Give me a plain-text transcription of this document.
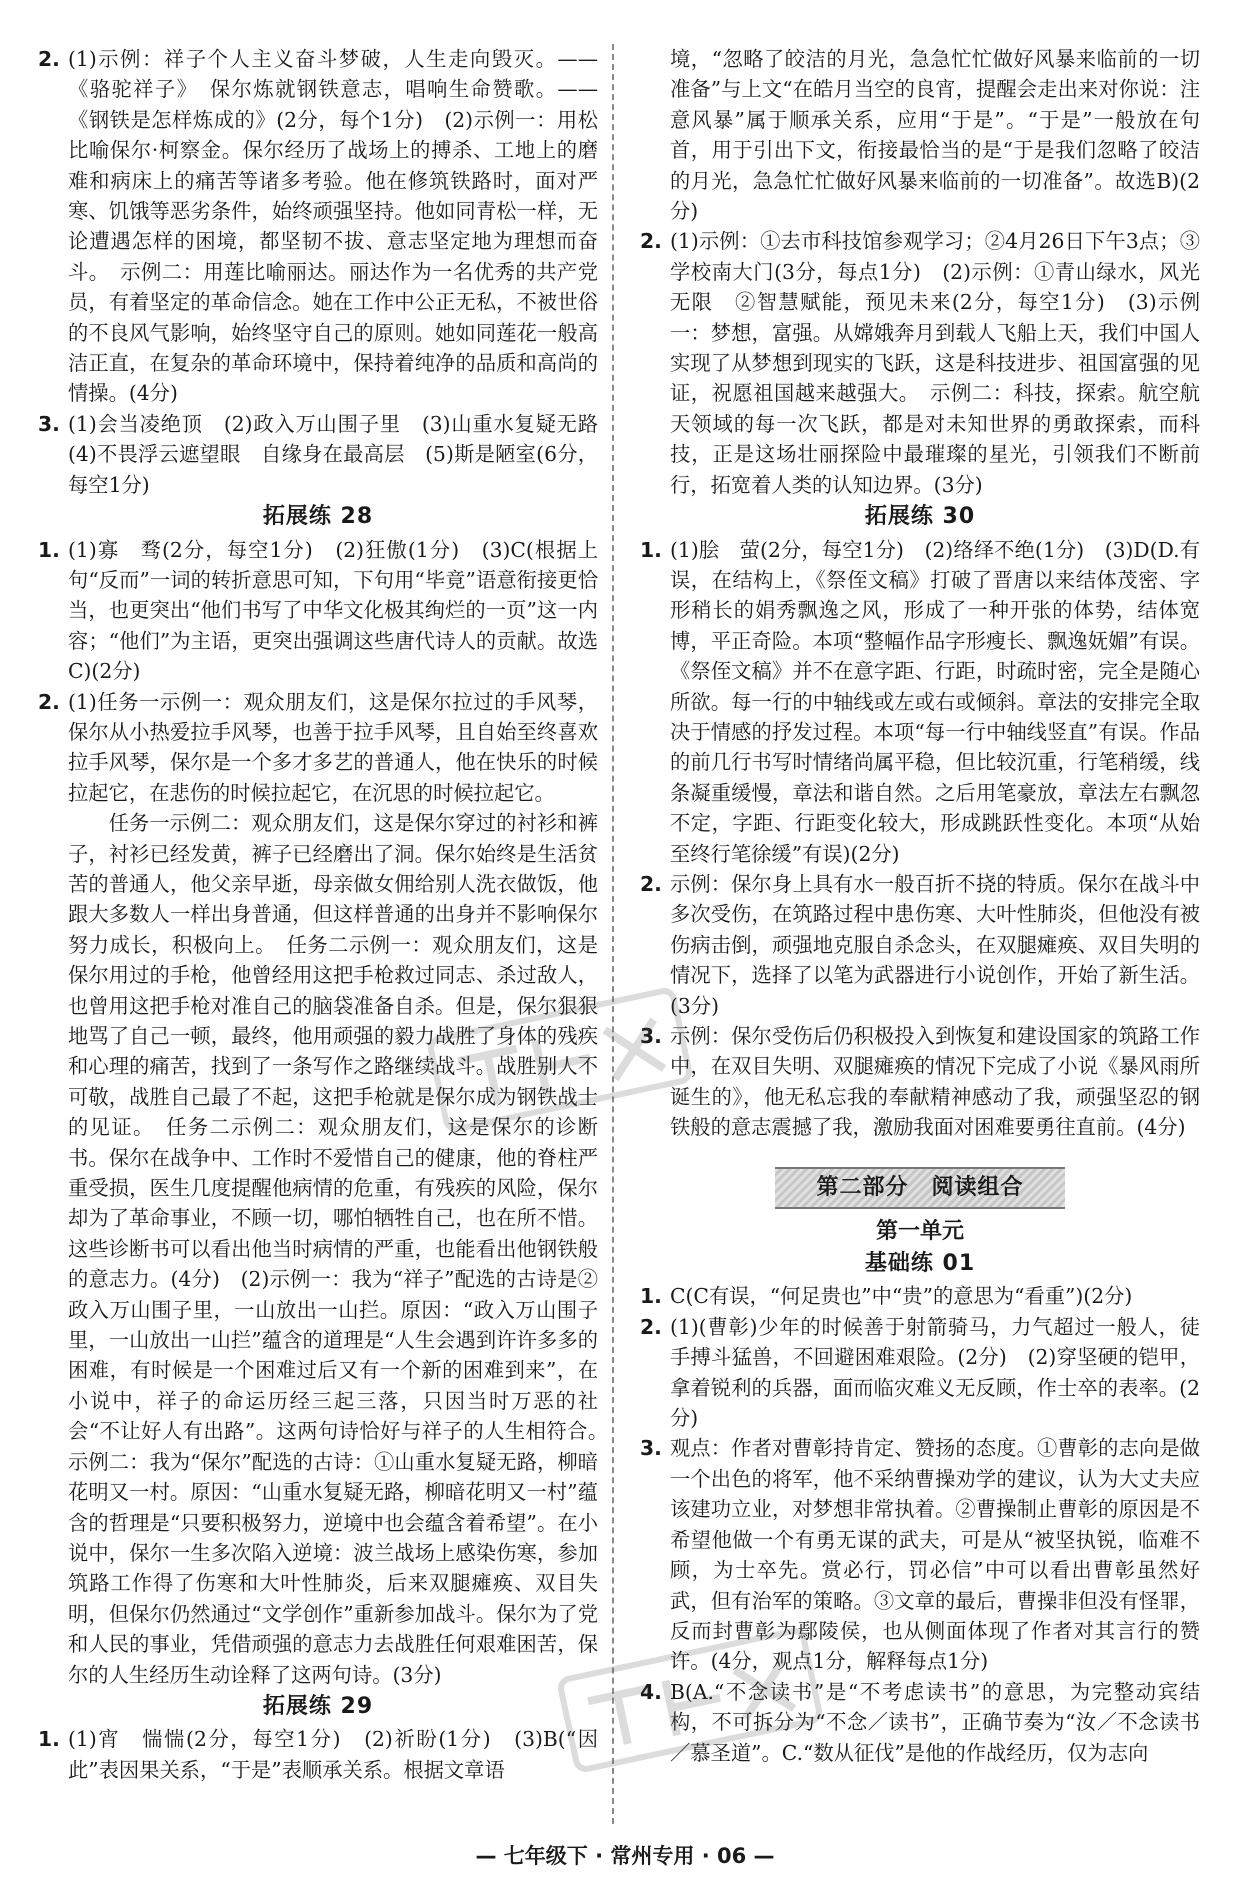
2. (1)示例：祥子个人主义奋斗梦破，人生走向毁灭。——《骆驼祥子》　保尔炼就钢铁意志，唱响生命赞歌。——《钢铁是怎样炼成的》(2分，每个1分)　(2)示例一：用松比喻保尔·柯察金。保尔经历了战场上的搏杀、工地上的磨难和病床上的痛苦等诸多考验。他在修筑铁路时，面对严寒、饥饿等恶劣条件，始终顽强坚持。他如同青松一样，无论遭遇怎样的困境，都坚韧不拔、意志坚定地为理想而奋斗。　示例二：用莲比喻丽达。丽达作为一名优秀的共产党员，有着坚定的革命信念。她在工作中公正无私，不被世俗的不良风气影响，始终坚守自己的原则。她如同莲花一般高洁正直，在复杂的革命环境中，保持着纯净的品质和高尚的情操。(4分)

3. (1)会当凌绝顶　(2)政入万山围子里　(3)山重水复疑无路　(4)不畏浮云遮望眼　自缘身在最高层　(5)斯是陋室(6分，每空1分)

拓展练 28
1. (1)寡　骛(2分，每空1分)　(2)狂傲(1分)　(3)C(根据上句“反而”一词的转折意思可知，下句用“毕竟”语意衔接更恰当，也更突出“他们书写了中华文化极其绚烂的一页”这一内容；“他们”为主语，更突出强调这些唐代诗人的贡献。故选C)(2分)

2. (1)任务一示例一：观众朋友们，这是保尔拉过的手风琴，保尔从小热爱拉手风琴，也善于拉手风琴，且自始至终喜欢拉手风琴，保尔是一个多才多艺的普通人，他在快乐的时候拉起它，在悲伤的时候拉起它，在沉思的时候拉起它。

任务一示例二：观众朋友们，这是保尔穿过的衬衫和裤子，衬衫已经发黄，裤子已经磨出了洞。保尔始终是生活贫苦的普通人，他父亲早逝，母亲做女佣给别人洗衣做饭，他跟大多数人一样出身普通，但这样普通的出身并不影响保尔努力成长，积极向上。　任务二示例一：观众朋友们，这是保尔用过的手枪，他曾经用这把手枪救过同志、杀过敌人，也曾用这把手枪对准自己的脑袋准备自杀。但是，保尔狠狠地骂了自己一顿，最终，他用顽强的毅力战胜了身体的残疾和心理的痛苦，找到了一条写作之路继续战斗。战胜别人不可敬，战胜自己最了不起，这把手枪就是保尔成为钢铁战士的见证。　任务二示例二：观众朋友们，这是保尔的诊断书。保尔在战争中、工作时不爱惜自己的健康，他的脊柱严重受损，医生几度提醒他病情的危重，有残疾的风险，保尔却为了革命事业，不顾一切，哪怕牺牲自己，也在所不惜。这些诊断书可以看出他当时病情的严重，也能看出他钢铁般的意志力。(4分)　(2)示例一：我为“祥子”配选的古诗是②政入万山围子里，一山放出一山拦。原因：“政入万山围子里，一山放出一山拦”蕴含的道理是“人生会遇到许许多多的困难，有时候是一个困难过后又有一个新的困难到来”，在小说中，祥子的命运历经三起三落，只因当时万恶的社会“不让好人有出路”。这两句诗恰好与祥子的人生相符合。　示例二：我为“保尔”配选的古诗：①山重水复疑无路，柳暗花明又一村。原因：“山重水复疑无路，柳暗花明又一村”蕴含的哲理是“只要积极努力，逆境中也会蕴含着希望”。在小说中，保尔一生多次陷入逆境：波兰战场上感染伤寒，参加筑路工作得了伤寒和大叶性肺炎，后来双腿瘫痪、双目失明，但保尔仍然通过“文学创作”重新参加战斗。保尔为了党和人民的事业，凭借顽强的意志力去战胜任何艰难困苦，保尔的人生经历生动诠释了这两句诗。(3分)

拓展练 29
1. (1)宵　惴惴(2分，每空1分)　(2)祈盼(1分)　(3)B(“因此”表因果关系，“于是”表顺承关系。根据文章语

境，“忽略了皎洁的月光，急急忙忙做好风暴来临前的一切准备”与上文“在皓月当空的良宵，提醒会走出来对你说：注意风暴”属于顺承关系，应用“于是”。“于是”一般放在句首，用于引出下文，衔接最恰当的是“于是我们忽略了皎洁的月光，急急忙忙做好风暴来临前的一切准备”。故选B)(2分)

2. (1)示例：①去市科技馆参观学习；②4月26日下午3点；③学校南大门(3分，每点1分)　(2)示例：①青山绿水，风光无限　②智慧赋能，预见未来(2分，每空1分)　(3)示例一：梦想，富强。从嫦娥奔月到载人飞船上天，我们中国人实现了从梦想到现实的飞跃，这是科技进步、祖国富强的见证，祝愿祖国越来越强大。　示例二：科技，探索。航空航天领域的每一次飞跃，都是对未知世界的勇敢探索，而科技，正是这场壮丽探险中最璀璨的星光，引领我们不断前行，拓宽着人类的认知边界。(3分)

拓展练 30
1. (1)脍　萤(2分，每空1分)　(2)络绎不绝(1分)　(3)D(D.有误，在结构上，《祭侄文稿》打破了晋唐以来结体茂密、字形稍长的娟秀飘逸之风，形成了一种开张的体势，结体宽博，平正奇险。本项“整幅作品字形瘦长、飘逸妩媚”有误。《祭侄文稿》并不在意字距、行距，时疏时密，完全是随心所欲。每一行的中轴线或左或右或倾斜。章法的安排完全取决于情感的抒发过程。本项“每一行中轴线竖直”有误。作品的前几行书写时情绪尚属平稳，但比较沉重，行笔稍缓，线条凝重缓慢，章法和谐自然。之后用笔豪放，章法左右飘忽不定，字距、行距变化较大，形成跳跃性变化。本项“从始至终行笔徐缓”有误)(2分)

2. 示例：保尔身上具有水一般百折不挠的特质。保尔在战斗中多次受伤，在筑路过程中患伤寒、大叶性肺炎，但他没有被伤病击倒，顽强地克服自杀念头，在双腿瘫痪、双目失明的情况下，选择了以笔为武器进行小说创作，开始了新生活。(3分)

3. 示例：保尔受伤后仍积极投入到恢复和建设国家的筑路工作中，在双目失明、双腿瘫痪的情况下完成了小说《暴风雨所诞生的》，他无私忘我的奉献精神感动了我，顽强坚忍的钢铁般的意志震撼了我，激励我面对困难要勇往直前。(4分)

第二部分　阅读组合
第一单元
基础练 01
1. C(C有误，“何足贵也”中“贵”的意思为“看重”)(2分)

2. (1)(曹彰)少年的时候善于射箭骑马，力气超过一般人，徒手搏斗猛兽，不回避困难艰险。(2分)　(2)穿坚硬的铠甲，拿着锐利的兵器，面而临灾难义无反顾，作士卒的表率。(2分)

3. 观点：作者对曹彰持肯定、赞扬的态度。①曹彰的志向是做一个出色的将军，他不采纳曹操劝学的建议，认为大丈夫应该建功立业，对梦想非常执着。②曹操制止曹彰的原因是不希望他做一个有勇无谋的武夫，可是从“被坚执锐，临难不顾，为士卒先。赏必行，罚必信”中可以看出曹彰虽然好武，但有治军的策略。③文章的最后，曹操非但没有怪罪，反而封曹彰为鄢陵侯，也从侧面体现了作者对其言行的赞许。(4分，观点1分，解释每点1分)

4. B(A.“不念读书”是“不考虑读书”的意思，为完整动宾结构，不可拆分为“不念／读书”，正确节奏为“汝／不念读书／慕圣道”。C.“数从征伐”是他的作战经历，仅为志向

— 七年级下 · 常州专用 · 06 —
